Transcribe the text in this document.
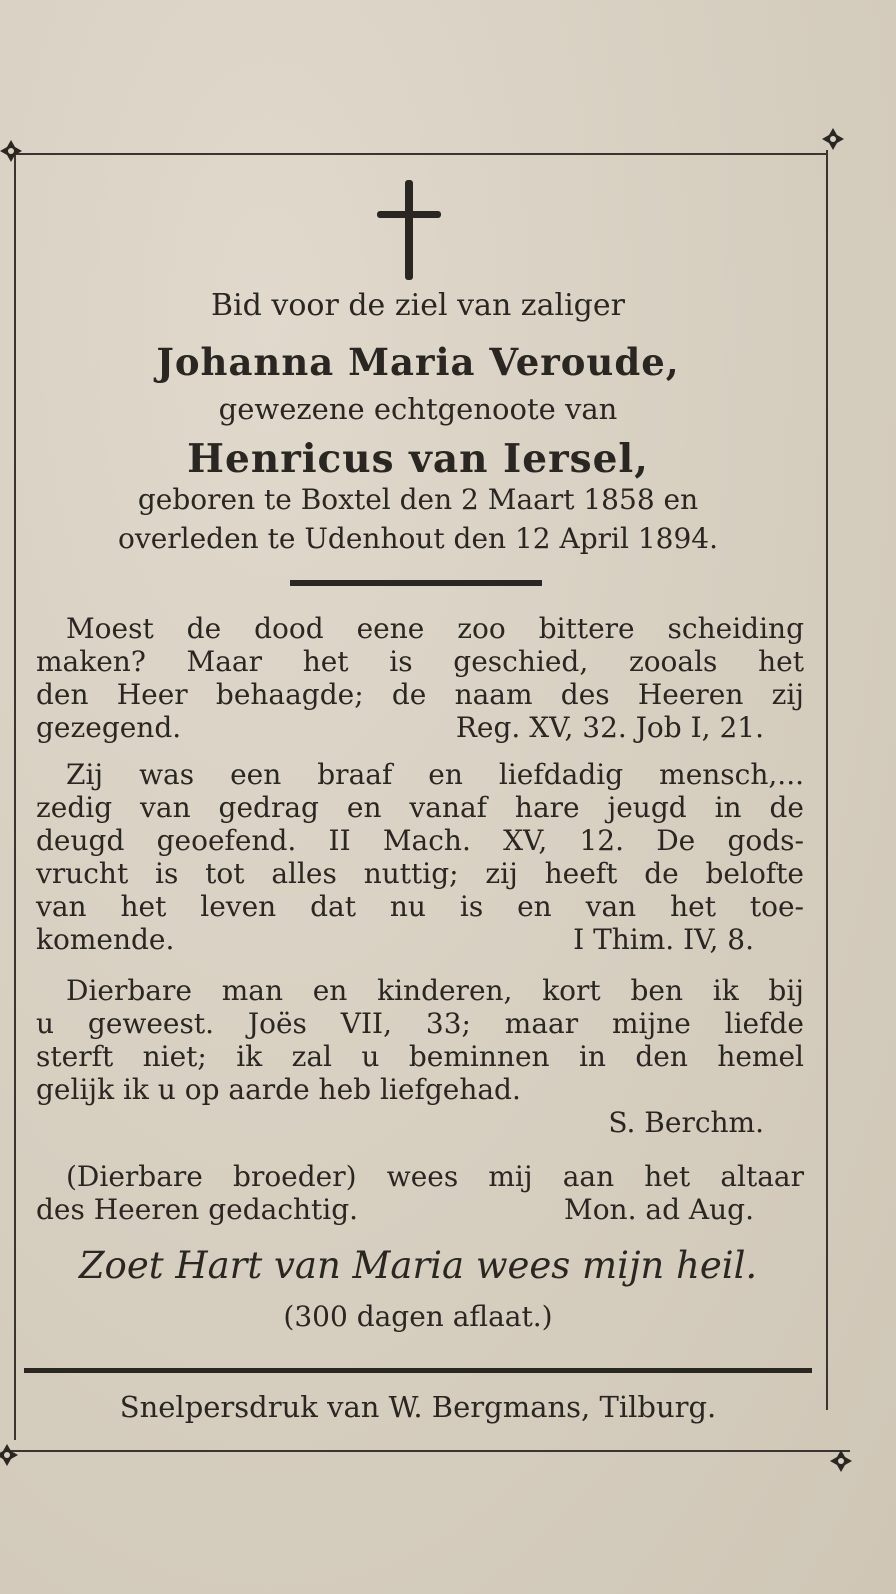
Bid voor de ziel van zaliger
Johanna Maria Veroude,
gewezene echtgenoote van
Henricus van Iersel,
geboren te Boxtel den 2 Maart 1858 en
overleden te Udenhout den 12 April 1894.

Moest de dood eene zoo bittere scheiding

maken? Maar het is geschied, zooals het

den Heer behaagde; de naam des Heeren zij

gezegend.	Reg. XV, 32. Job I, 21.

Zij was een braaf en liefdadig mensch,...

zedig van gedrag en vanaf hare jeugd in de

deugd geoefend. II Mach. XV, 12. De gods-

vrucht is tot alles nuttig; zij heeft de belofte

van het leven dat nu is en van het toe-

komende.	I Thim. IV, 8.

Dierbare man en kinderen, kort ben ik bij

u geweest. Joës VII, 33; maar mijne liefde

sterft niet; ik zal u beminnen in den hemel

gelijk ik u op aarde heb liefgehad.

S. Berchm.

(Dierbare broeder) wees mij aan het altaar

des Heeren gedachtig.	Mon. ad Aug.

Zoet Hart van Maria wees mijn heil.
(300 dagen aflaat.)
Snelpersdruk van W. Bergmans, Tilburg.
